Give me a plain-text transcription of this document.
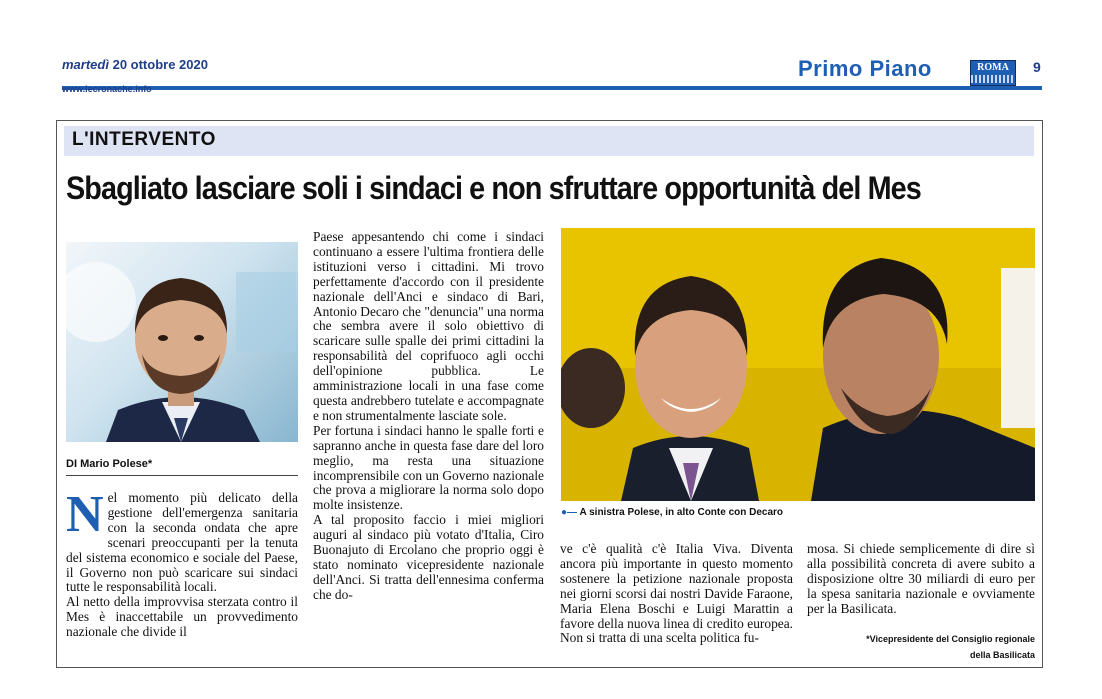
martedì 20 ottobre 2020
www.lecronache.info
Primo Piano	ROMA	9
L'INTERVENTO
Sbagliato lasciare soli i sindaci e non sfruttare opportunità del Mes
DI Mario Polese*

Nel momento più delicato della gestione dell'emergenza sanitaria con la seconda ondata che apre scenari preoccupanti per la tenuta del sistema economico e sociale del Paese, il Governo non può scaricare sui sindaci tutte le responsabilità locali.

Al netto della improvvisa sterzata contro il Mes è inaccettabile un provvedimento nazionale che divide il

Paese appesantendo chi come i sindaci continuano a essere l'ultima frontiera delle istituzioni verso i cittadini. Mi trovo perfettamente d'accordo con il presidente nazionale dell'Anci e sindaco di Bari, Antonio Decaro che "denuncia" una norma che sembra avere il solo obiettivo di scaricare sulle spalle dei primi cittadini la responsabilità del coprifuoco agli occhi dell'opinione pubblica. Le amministrazione locali in una fase come questa andrebbero tutelate e accompagnate e non strumentalmente lasciate sole.

Per fortuna i sindaci hanno le spalle forti e sapranno anche in questa fase dare del loro meglio, ma resta una situazione incomprensibile con un Governo nazionale che prova a migliorare la norma solo dopo molte insistenze.

A tal proposito faccio i miei migliori auguri al sindaco più votato d'Italia, Ciro Buonajuto di Ercolano che proprio oggi è stato nominato vicepresidente nazionale dell'Anci. Si tratta dell'ennesima conferma che do-

●— A sinistra Polese, in alto Conte con Decaro

ve c'è qualità c'è Italia Viva. Diventa ancora più importante in questo momento sostenere la petizione nazionale proposta nei giorni scorsi dai nostri Davide Faraone, Maria Elena Boschi e Luigi Marattin a favore della nuova linea di credito europea. Non si tratta di una scelta politica fu-

mosa. Si chiede semplicemente di dire sì alla possibilità concreta di avere subito a disposizione oltre 30 miliardi di euro per la spesa sanitaria nazionale e ovviamente per la Basilicata.

*Vicepresidente del Consiglio regionale
della Basilicata
